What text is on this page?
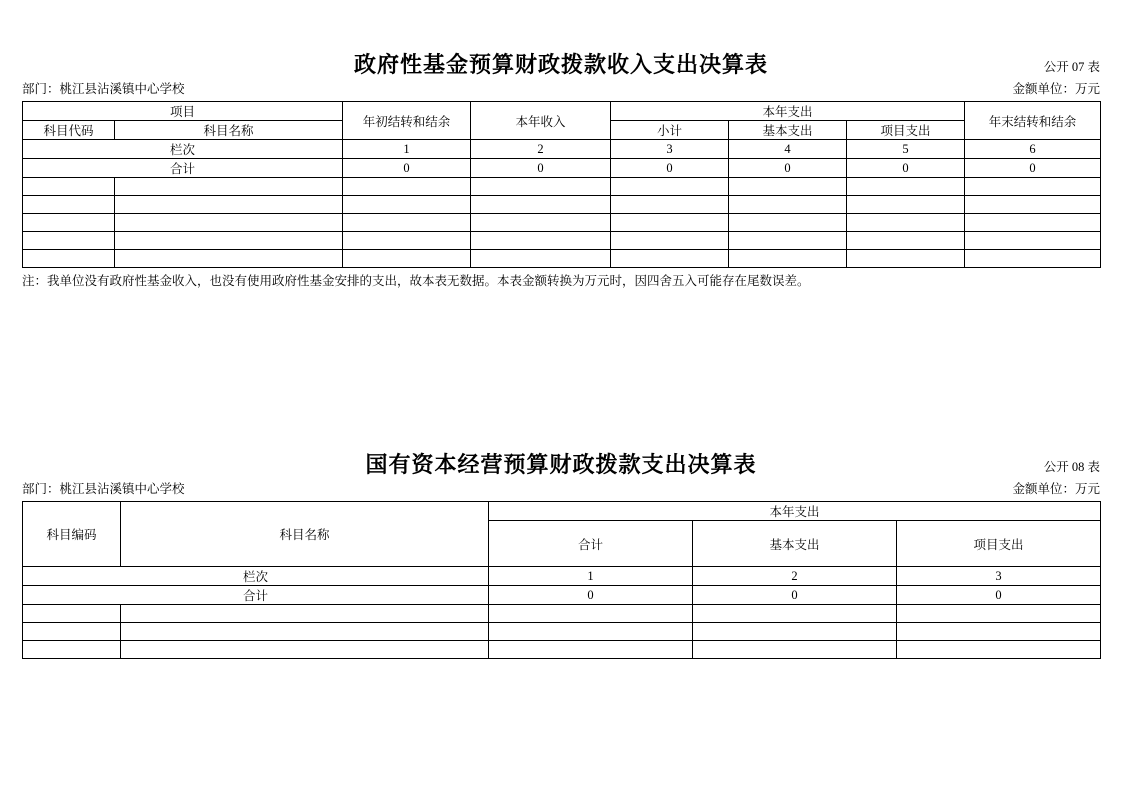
政府性基金预算财政拨款收入支出决算表	公开 07 表
部门：桃江县沾溪镇中心学校	金额单位：万元
项目		年初结转和结余	本年收入	本年支出			年末结转和结余
科目代码	科目名称			小计	基本支出	项目支出	
栏次		1	2	3	4	5	6
合计		0	0	0	0	0	0

注：我单位没有政府性基金收入，也没有使用政府性基金安排的支出，故本表无数据。本表金额转换为万元时，因四舍五入可能存在尾数误差。
国有资本经营预算财政拨款支出决算表	公开 08 表
部门：桃江县沾溪镇中心学校	金额单位：万元
科目编码	科目名称	本年支出		
		合计	基本支出	项目支出
栏次		1	2	3
合计		0	0	0
